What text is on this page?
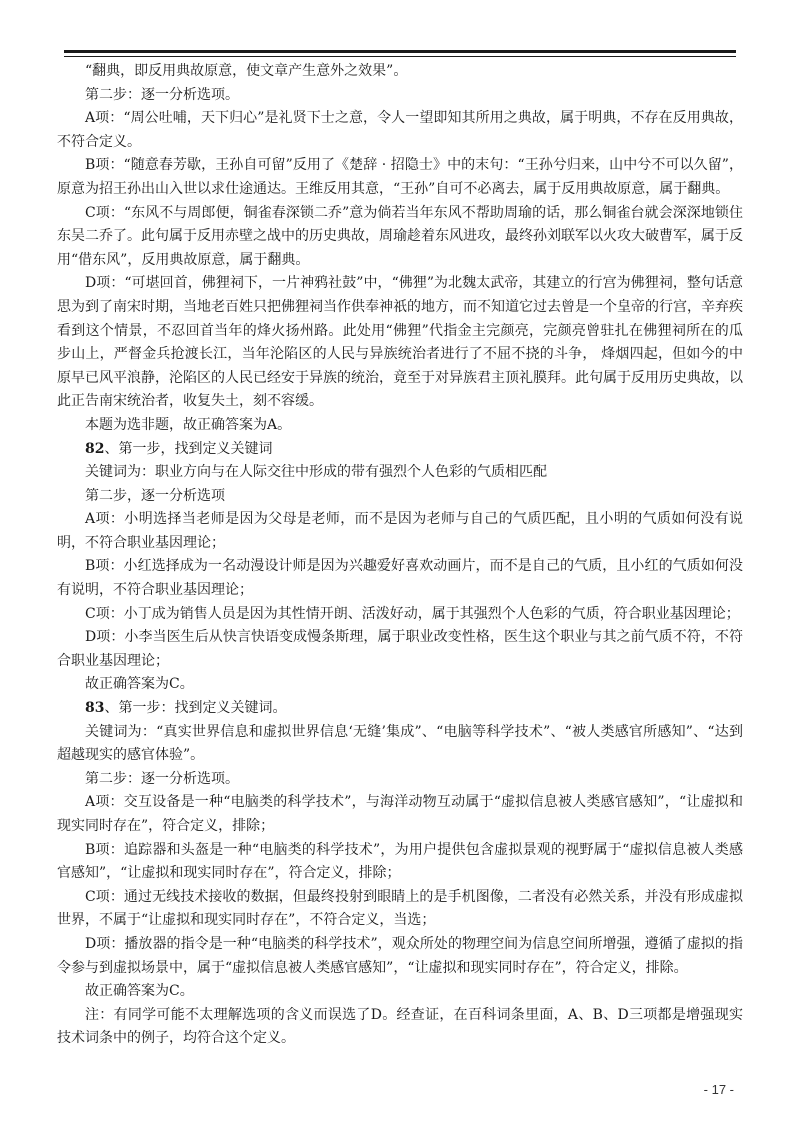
“翻典，即反用典故原意，使文章产生意外之效果”。

第二步：逐一分析选项。

A项：“周公吐哺，天下归心”是礼贤下士之意，令人一望即知其所用之典故，属于明典，不存在反用典故，不符合定义。

B项：“随意春芳歇，王孙自可留”反用了《楚辞 · 招隐士》中的末句：“王孙兮归来，山中兮不可以久留”，原意为招王孙出山入世以求仕途通达。王维反用其意，“王孙”自可不必离去，属于反用典故原意，属于翻典。

C项：“东风不与周郎便，铜雀春深锁二乔”意为倘若当年东风不帮助周瑜的话，那么铜雀台就会深深地锁住东吴二乔了。此句属于反用赤壁之战中的历史典故，周瑜趁着东风进攻，最终孙刘联军以火攻大破曹军，属于反用“借东风”，反用典故原意，属于翻典。

D项：“可堪回首，佛狸祠下，一片神鸦社鼓”中，“佛狸”为北魏太武帝，其建立的行宫为佛狸祠，整句话意思为到了南宋时期，当地老百姓只把佛狸祠当作供奉神祇的地方，而不知道它过去曾是一个皇帝的行宫，辛弃疾看到这个情景，不忍回首当年的烽火扬州路。此处用“佛狸”代指金主完颜亮，完颜亮曾驻扎在佛狸祠所在的瓜步山上，严督金兵抢渡长江，当年沦陷区的人民与异族统治者进行了不屈不挠的斗争， 烽烟四起，但如今的中原早已风平浪静，沦陷区的人民已经安于异族的统治，竟至于对异族君主顶礼膜拜。此句属于反用历史典故，以此正告南宋统治者，收复失土，刻不容缓。

本题为选非题，故正确答案为A。

82、第一步，找到定义关键词

关键词为：职业方向与在人际交往中形成的带有强烈个人色彩的气质相匹配

第二步，逐一分析选项

A项：小明选择当老师是因为父母是老师，而不是因为老师与自己的气质匹配，且小明的气质如何没有说明，不符合职业基因理论；

B项：小红选择成为一名动漫设计师是因为兴趣爱好喜欢动画片，而不是自己的气质，且小红的气质如何没有说明，不符合职业基因理论；

C项：小丁成为销售人员是因为其性情开朗、活泼好动，属于其强烈个人色彩的气质，符合职业基因理论；

D项：小李当医生后从快言快语变成慢条斯理，属于职业改变性格，医生这个职业与其之前气质不符，不符合职业基因理论；

故正确答案为C。

83、第一步：找到定义关键词。

关键词为：“真实世界信息和虚拟世界信息‘无缝’集成”、“电脑等科学技术”、“被人类感官所感知”、“达到超越现实的感官体验”。

第二步：逐一分析选项。

A项：交互设备是一种“电脑类的科学技术”，与海洋动物互动属于“虚拟信息被人类感官感知”，“让虚拟和现实同时存在”，符合定义，排除；

B项：追踪器和头盔是一种“电脑类的科学技术”，为用户提供包含虚拟景观的视野属于“虚拟信息被人类感官感知”，“让虚拟和现实同时存在”，符合定义，排除；

C项：通过无线技术接收的数据，但最终投射到眼睛上的是手机图像，二者没有必然关系，并没有形成虚拟世界，不属于“让虚拟和现实同时存在”，不符合定义，当选；

D项：播放器的指令是一种“电脑类的科学技术”，观众所处的物理空间为信息空间所增强，遵循了虚拟的指令参与到虚拟场景中，属于“虚拟信息被人类感官感知”，“让虚拟和现实同时存在”，符合定义，排除。

故正确答案为C。

注：有同学可能不太理解选项的含义而误选了D。经查证，在百科词条里面，A、B、D三项都是增强现实技术词条中的例子，均符合这个定义。

- 17 -
